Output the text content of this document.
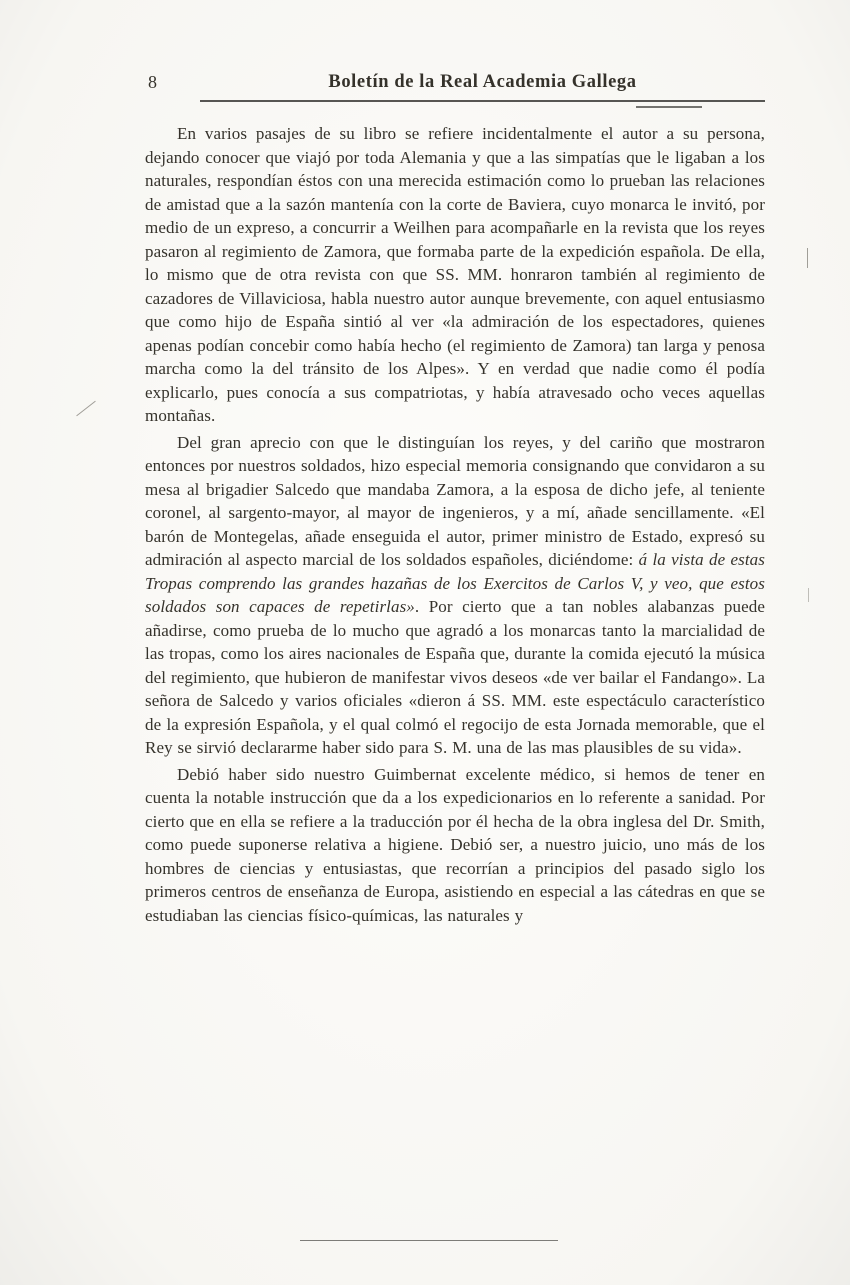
8	Boletín de la Real Academia Gallega

En varios pasajes de su libro se refiere incidentalmente el autor a su persona, dejando conocer que viajó por toda Alemania y que a las simpatías que le ligaban a los naturales, respondían éstos con una merecida estimación como lo prueban las relaciones de amistad que a la sazón mantenía con la corte de Baviera, cuyo monarca le invitó, por medio de un expreso, a concurrir a Weilhen para acompañarle en la revista que los reyes pasaron al regimiento de Zamora, que formaba parte de la expedición española. De ella, lo mismo que de otra revista con que SS. MM. honraron también al regimiento de cazadores de Villaviciosa, habla nuestro autor aunque brevemente, con aquel entusiasmo que como hijo de España sintió al ver «la admiración de los espectadores, quienes apenas podían concebir como había hecho (el regimiento de Zamora) tan larga y penosa marcha como la del tránsito de los Alpes». Y en verdad que nadie como él podía explicarlo, pues conocía a sus compatriotas, y había atravesado ocho veces aquellas montañas.

Del gran aprecio con que le distinguían los reyes, y del cariño que mostraron entonces por nuestros soldados, hizo especial memoria consignando que convidaron a su mesa al brigadier Salcedo que mandaba Zamora, a la esposa de dicho jefe, al teniente coronel, al sargento-mayor, al mayor de ingenieros, y a mí, añade sencillamente. «El barón de Montegelas, añade enseguida el autor, primer ministro de Estado, expresó su admiración al aspecto marcial de los soldados españoles, diciéndome: á la vista de estas Tropas comprendo las grandes hazañas de los Exercitos de Carlos V, y veo, que estos soldados son capaces de repetirlas». Por cierto que a tan nobles alabanzas puede añadirse, como prueba de lo mucho que agradó a los monarcas tanto la marcialidad de las tropas, como los aires nacionales de España que, durante la comida ejecutó la música del regimiento, que hubieron de manifestar vivos deseos «de ver bailar el Fandango». La señora de Salcedo y varios oficiales «dieron á SS. MM. este espectáculo característico de la expresión Española, y el qual colmó el regocijo de esta Jornada memorable, que el Rey se sirvió declararme haber sido para S. M. una de las mas plausibles de su vida».

Debió haber sido nuestro Guimbernat excelente médico, si hemos de tener en cuenta la notable instrucción que da a los expedicionarios en lo referente a sanidad. Por cierto que en ella se refiere a la traducción por él hecha de la obra inglesa del Dr. Smith, como puede suponerse relativa a higiene. Debió ser, a nuestro juicio, uno más de los hombres de ciencias y entusiastas, que recorrían a principios del pasado siglo los primeros centros de enseñanza de Europa, asistiendo en especial a las cátedras en que se estudiaban las ciencias físico-químicas, las naturales y
